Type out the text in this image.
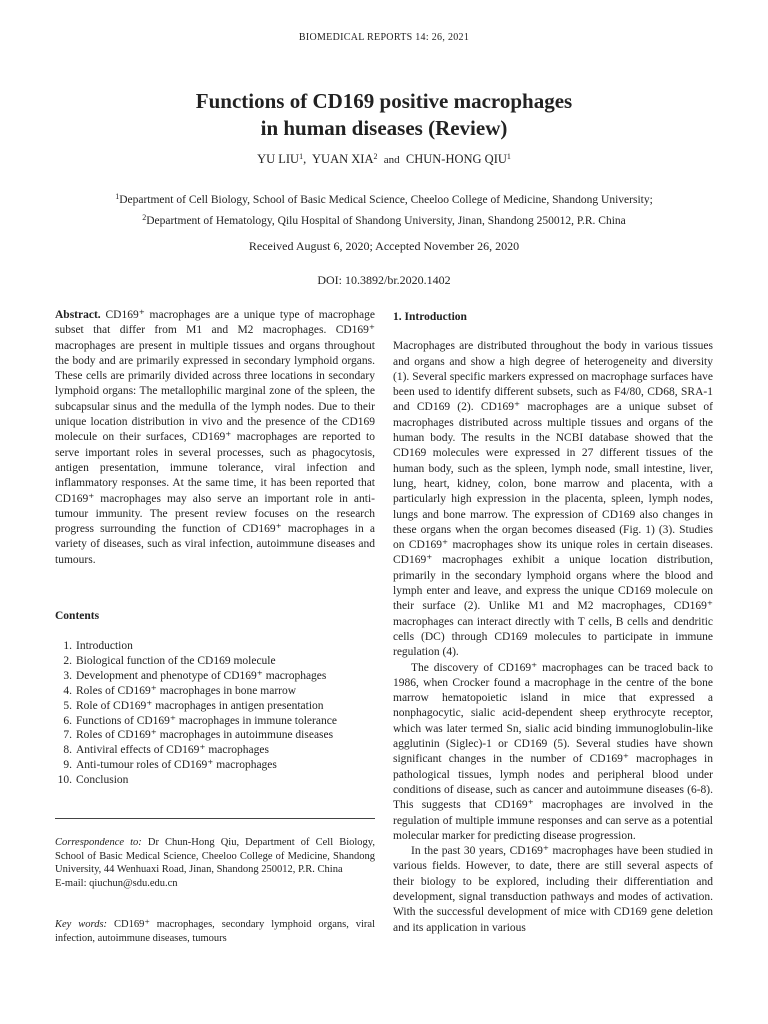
BIOMEDICAL REPORTS 14: 26, 2021
Functions of CD169 positive macrophages
in human diseases (Review)
YU LIU$^1$,  YUAN XIA$^2$ and CHUN-HONG QIU$^1$
$^1$Department of Cell Biology, School of Basic Medical Science, Cheeloo College of Medicine, Shandong University;
$^2$Department of Hematology, Qilu Hospital of Shandong University, Jinan, Shandong 250012, P.R. China
Received August 6, 2020; Accepted November 26, 2020
DOI: 10.3892/br.2020.1402
Abstract. CD169⁺ macrophages are a unique type of macrophage subset that differ from M1 and M2 macrophages. CD169⁺ macrophages are present in multiple tissues and organs throughout the body and are primarily expressed in secondary lymphoid organs. These cells are primarily divided across three locations in secondary lymphoid organs: The metallophilic marginal zone of the spleen, the subcapsular sinus and the medulla of the lymph nodes. Due to their unique location distribution in vivo and the presence of the CD169 molecule on their surfaces, CD169⁺ macrophages are reported to serve important roles in several processes, such as phagocytosis, antigen presentation, immune tolerance, viral infection and inflammatory responses. At the same time, it has been reported that CD169⁺ macrophages may also serve an important role in anti-tumour immunity. The present review focuses on the research progress surrounding the function of CD169⁺ macrophages in a variety of diseases, such as viral infection, autoimmune diseases and tumours.
Contents
1. Introduction
2. Biological function of the CD169 molecule
3. Development and phenotype of CD169⁺ macrophages
4. Roles of CD169⁺ macrophages in bone marrow
5. Role of CD169⁺ macrophages in antigen presentation
6. Functions of CD169⁺ macrophages in immune tolerance
7. Roles of CD169⁺ macrophages in autoimmune diseases
8. Antiviral effects of CD169⁺ macrophages
9. Anti-tumour roles of CD169⁺ macrophages
10. Conclusion
Correspondence to: Dr Chun-Hong Qiu, Department of Cell Biology, School of Basic Medical Science, Cheeloo College of Medicine, Shandong University, 44 Wenhuaxi Road, Jinan, Shandong 250012, P.R. China
E-mail: qiuchun@sdu.edu.cn
Key words: CD169⁺ macrophages, secondary lymphoid organs, viral infection, autoimmune diseases, tumours
1. Introduction

Macrophages are distributed throughout the body in various tissues and organs and show a high degree of heterogeneity and diversity (1). Several specific markers expressed on macrophage surfaces have been used to identify different subsets, such as F4/80, CD68, SRA-1 and CD169 (2). CD169⁺ macrophages are a unique subset of macrophages distributed across multiple tissues and organs of the human body. The results in the NCBI database showed that the CD169 molecules were expressed in 27 different tissues of the human body, such as the spleen, lymph node, small intestine, liver, lung, heart, kidney, colon, bone marrow and placenta, with a particularly high expression in the placenta, spleen, lymph nodes, lungs and bone marrow. The expression of CD169 also changes in these organs when the organ becomes diseased (Fig. 1) (3). Studies on CD169⁺ macrophages show its unique roles in certain diseases. CD169⁺ macrophages exhibit a unique location distribution, primarily in the secondary lymphoid organs where the blood and lymph enter and leave, and express the unique CD169 molecule on their surface (2). Unlike M1 and M2 macrophages, CD169⁺ macrophages can interact directly with T cells, B cells and dendritic cells (DC) through CD169 molecules to participate in immune regulation (4).

The discovery of CD169⁺ macrophages can be traced back to 1986, when Crocker found a macrophage in the centre of the bone marrow hematopoietic island in mice that expressed a nonphagocytic, sialic acid-dependent sheep erythrocyte receptor, which was later termed Sn, sialic acid binding immunoglobulin-like agglutinin (Siglec)-1 or CD169 (5). Several studies have shown significant changes in the number of CD169⁺ macrophages in pathological tissues, lymph nodes and peripheral blood under conditions of disease, such as cancer and autoimmune diseases (6-8). This suggests that CD169⁺ macrophages are involved in the regulation of multiple immune responses and can serve as a potential molecular marker for predicting disease progression.

In the past 30 years, CD169⁺ macrophages have been studied in various fields. However, to date, there are still several aspects of their biology to be explored, including their differentiation and development, signal transduction pathways and modes of activation. With the successful development of mice with CD169 gene deletion and its application in various
